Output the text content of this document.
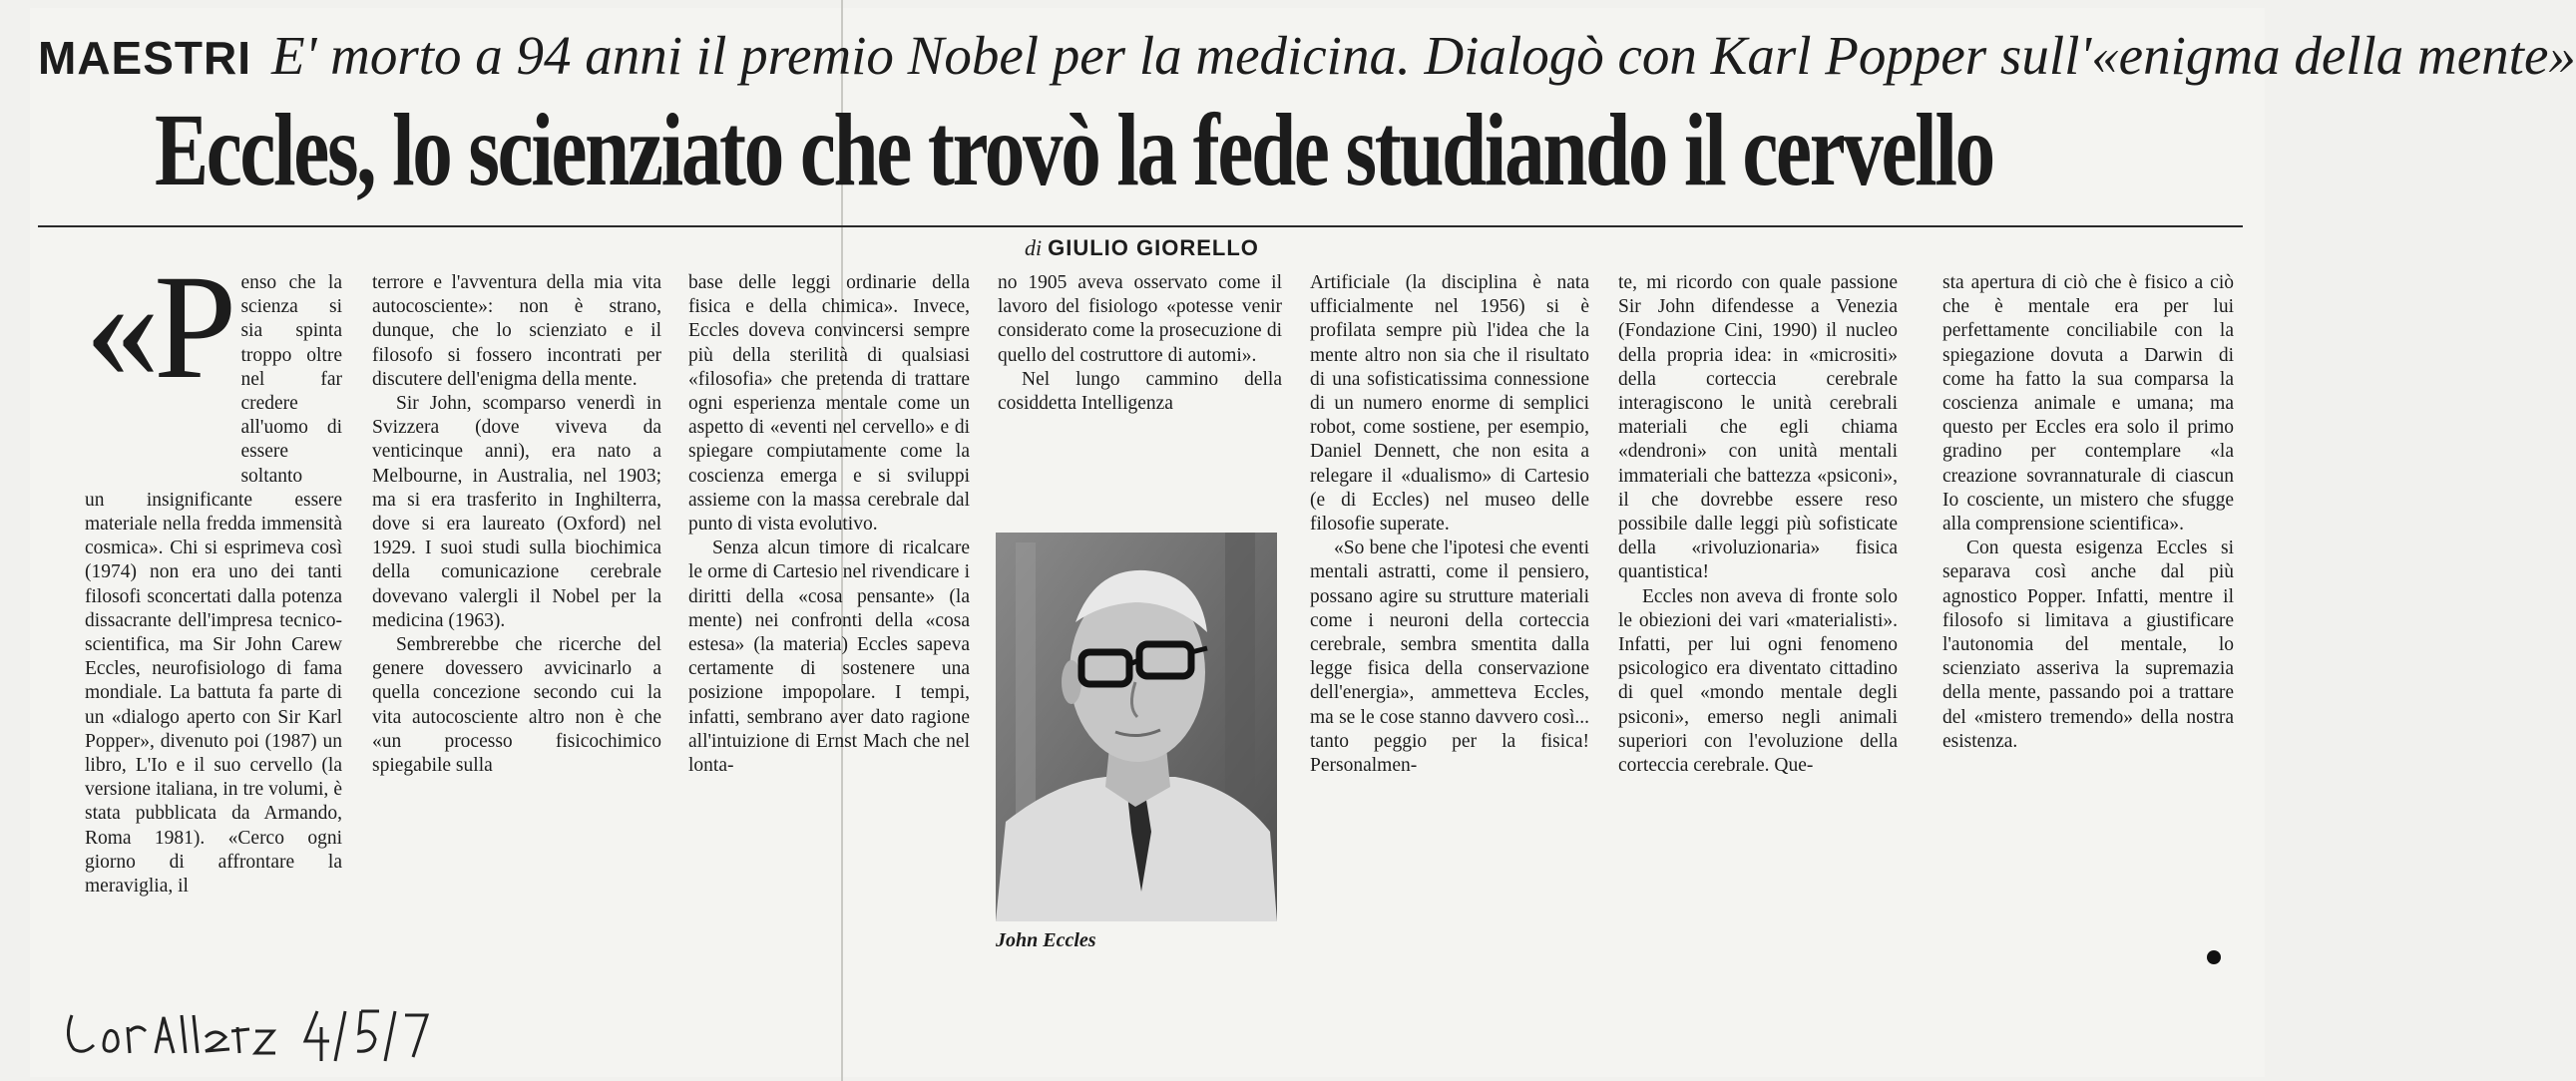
MAESTRI E' morto a 94 anni il premio Nobel per la medicina. Dialogò con Karl Popper sull'«enigma della mente»
Eccles, lo scienziato che trovò la fede studiando il cervello
di GIULIO GIORELLO
«P enso che la scienza si sia spinta troppo oltre nel far credere all'uomo di essere soltanto

un insignificante essere materiale nella fredda immensità cosmica». Chi si esprimeva così (1974) non era uno dei tanti filosofi sconcertati dalla potenza dissacrante dell'impresa tecnico-scientifica, ma Sir John Carew Eccles, neurofisiologo di fama mondiale. La battuta fa parte di un «dialogo aperto con Sir Karl Popper», divenuto poi (1987) un libro, L'Io e il suo cervello (la versione italiana, in tre volumi, è stata pubblicata da Armando, Roma 1981). «Cerco ogni giorno di affrontare la meraviglia, il

terrore e l'avventura della mia vita autocosciente»: non è strano, dunque, che lo scienziato e il filosofo si fossero incontrati per discutere dell'enigma della mente.

Sir John, scomparso venerdì in Svizzera (dove viveva da venticinque anni), era nato a Melbourne, in Australia, nel 1903; ma si era trasferito in Inghilterra, dove si era laureato (Oxford) nel 1929. I suoi studi sulla biochimica della comunicazione cerebrale dovevano valergli il Nobel per la medicina (1963).

Sembrerebbe che ricerche del genere dovessero avvicinarlo a quella concezione secondo cui la vita autocosciente altro non è che «un processo fisicochimico spiegabile sulla

base delle leggi ordinarie della fisica e della chimica». Invece, Eccles doveva convincersi sempre più della sterilità di qualsiasi «filosofia» che pretenda di trattare ogni esperienza mentale come un aspetto di «eventi nel cervello» e di spiegare compiutamente come la coscienza emerga e si sviluppi assieme con la massa cerebrale dal punto di vista evolutivo.

Senza alcun timore di ricalcare le orme di Cartesio nel rivendicare i diritti della «cosa pensante» (la mente) nei confronti della «cosa estesa» (la materia) Eccles sapeva certamente di sostenere una posizione impopolare. I tempi, infatti, sembrano aver dato ragione all'intuizione di Ernst Mach che nel lonta-

no 1905 aveva osservato come il lavoro del fisiologo «potesse venir considerato come la prosecuzione di quello del costruttore di automi».

Nel lungo cammino della cosiddetta Intelligenza

John Eccles

Artificiale (la disciplina è nata ufficialmente nel 1956) si è profilata sempre più l'idea che la mente altro non sia che il risultato di una sofisticatissima connessione di un numero enorme di semplici robot, come sostiene, per esempio, Daniel Dennett, che non esita a relegare il «dualismo» di Cartesio (e di Eccles) nel museo delle filosofie superate.

«So bene che l'ipotesi che eventi mentali astratti, come il pensiero, possano agire su strutture materiali come i neuroni della corteccia cerebrale, sembra smentita dalla legge fisica della conservazione dell'energia», ammetteva Eccles, ma se le cose stanno davvero così... tanto peggio per la fisica! Personalmen-

te, mi ricordo con quale passione Sir John difendesse a Venezia (Fondazione Cini, 1990) il nucleo della propria idea: in «micrositi» della corteccia cerebrale interagiscono le unità cerebrali materiali che egli chiama «dendroni» con unità mentali immateriali che battezza «psiconi», il che dovrebbe essere reso possibile dalle leggi più sofisticate della «rivoluzionaria» fisica quantistica!

Eccles non aveva di fronte solo le obiezioni dei vari «materialisti». Infatti, per lui ogni fenomeno psicologico era diventato cittadino di quel «mondo mentale degli psiconi», emerso negli animali superiori con l'evoluzione della corteccia cerebrale. Que-

sta apertura di ciò che è fisico a ciò che è mentale era per lui perfettamente conciliabile con la spiegazione dovuta a Darwin di come ha fatto la sua comparsa la coscienza animale e umana; ma questo per Eccles era solo il primo gradino per contemplare «la creazione sovrannaturale di ciascun Io cosciente, un mistero che sfugge alla comprensione scientifica».

Con questa esigenza Eccles si separava così anche dal più agnostico Popper. Infatti, mentre il filosofo si limitava a giustificare l'autonomia del mentale, lo scienziato asseriva la supremazia della mente, passando poi a trattare del «mistero tremendo» della nostra esistenza.
